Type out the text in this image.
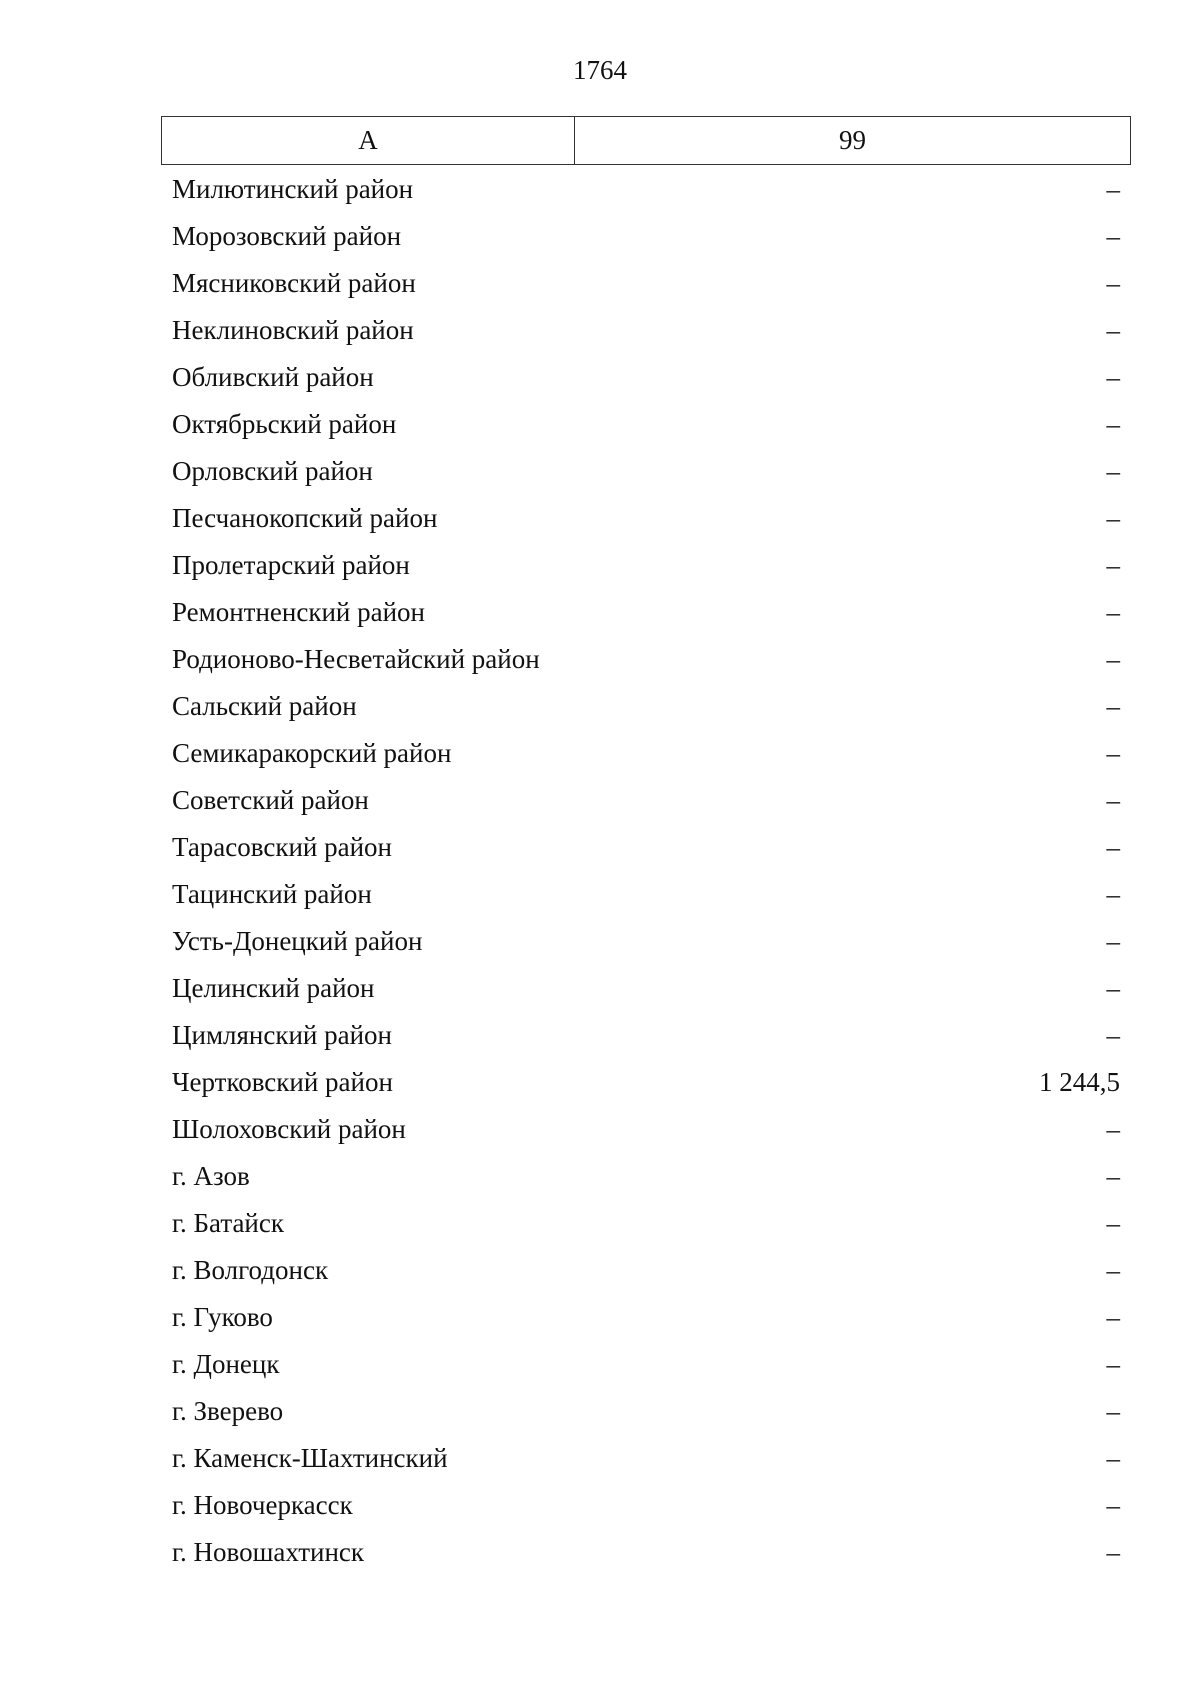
1764
А	99
Милютинский район	–
Морозовский район	–
Мясниковский район	–
Неклиновский район	–
Обливский район	–
Октябрьский район	–
Орловский район	–
Песчанокопский район	–
Пролетарский район	–
Ремонтненский район	–
Родионово-Несветайский район	–
Сальский район	–
Семикаракорский район	–
Советский район	–
Тарасовский район	–
Тацинский район	–
Усть-Донецкий район	–
Целинский район	–
Цимлянский район	–
Чертковский район	1 244,5
Шолоховский район	–
г. Азов	–
г. Батайск	–
г. Волгодонск	–
г. Гуково	–
г. Донецк	–
г. Зверево	–
г. Каменск-Шахтинский	–
г. Новочеркасск	–
г. Новошахтинск	–
